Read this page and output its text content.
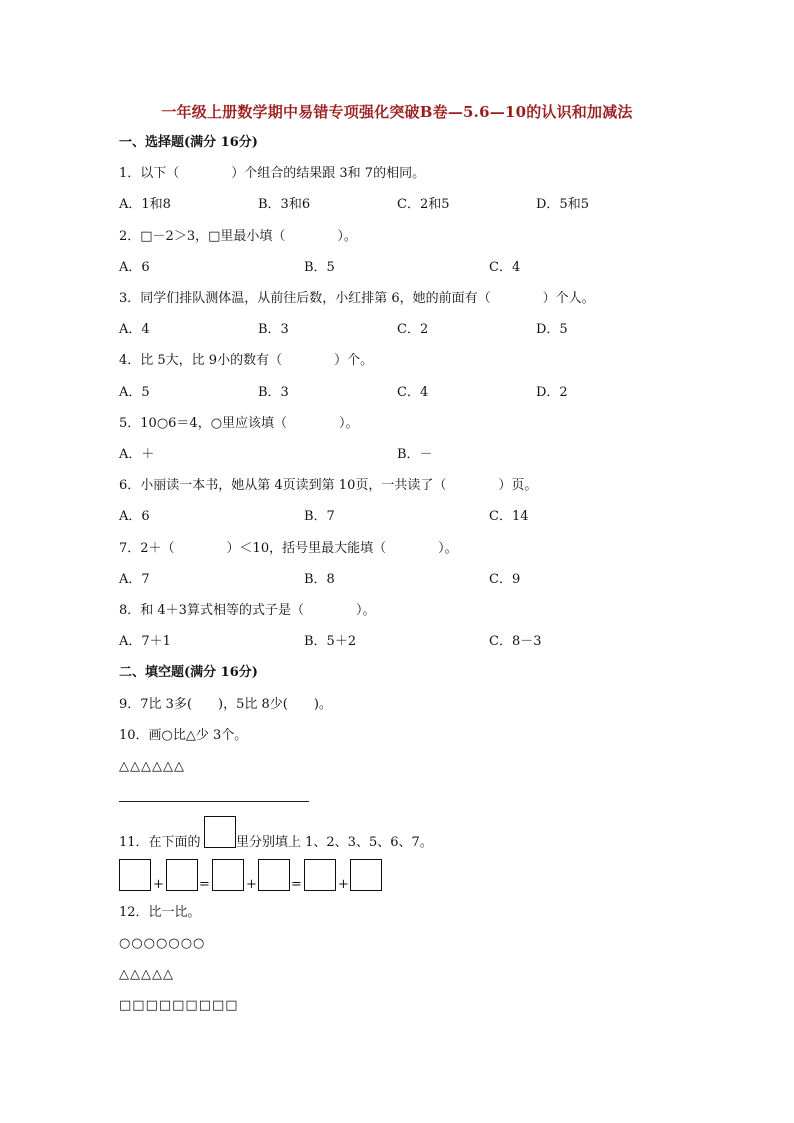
一年级上册数学期中易错专项强化突破B卷—5.6—10的认识和加减法
一、选择题(满分 16分)
1．以下（　　　　）个组合的结果跟 3和 7的相同。
A．1和8	B．3和6	C．2和5	D．5和5
2．□－2＞3，□里最小填（　　　　）。
A．6	B．5	C．4
3．同学们排队测体温，从前往后数，小红排第 6，她的前面有（　　　　）个人。
A．4	B．3	C．2	D．5
4．比 5大，比 9小的数有（　　　　）个。
A．5	B．3	C．4	D．2
5．10○6＝4，○里应该填（　　　　）。
A．＋	B．－
6．小丽读一本书，她从第 4页读到第 10页，一共读了（　　　　）页。
A．6	B．7	C．14
7．2＋（　　　　）＜10，括号里最大能填（　　　　）。
A．7	B．8	C．9
8．和 4＋3算式相等的式子是（　　　　）。
A．7＋1	B．5＋2	C．8－3
二、填空题(满分 16分)
9．7比 3多(　　)，5比 8少(　　)。
10．画○比△少 3个。
△△△△△△
11．在下面的	里分别填上 1、2、3、5、6、7。
+	=	+	=	+
12．比一比。
○○○○○○○
△△△△△
□□□□□□□□□
